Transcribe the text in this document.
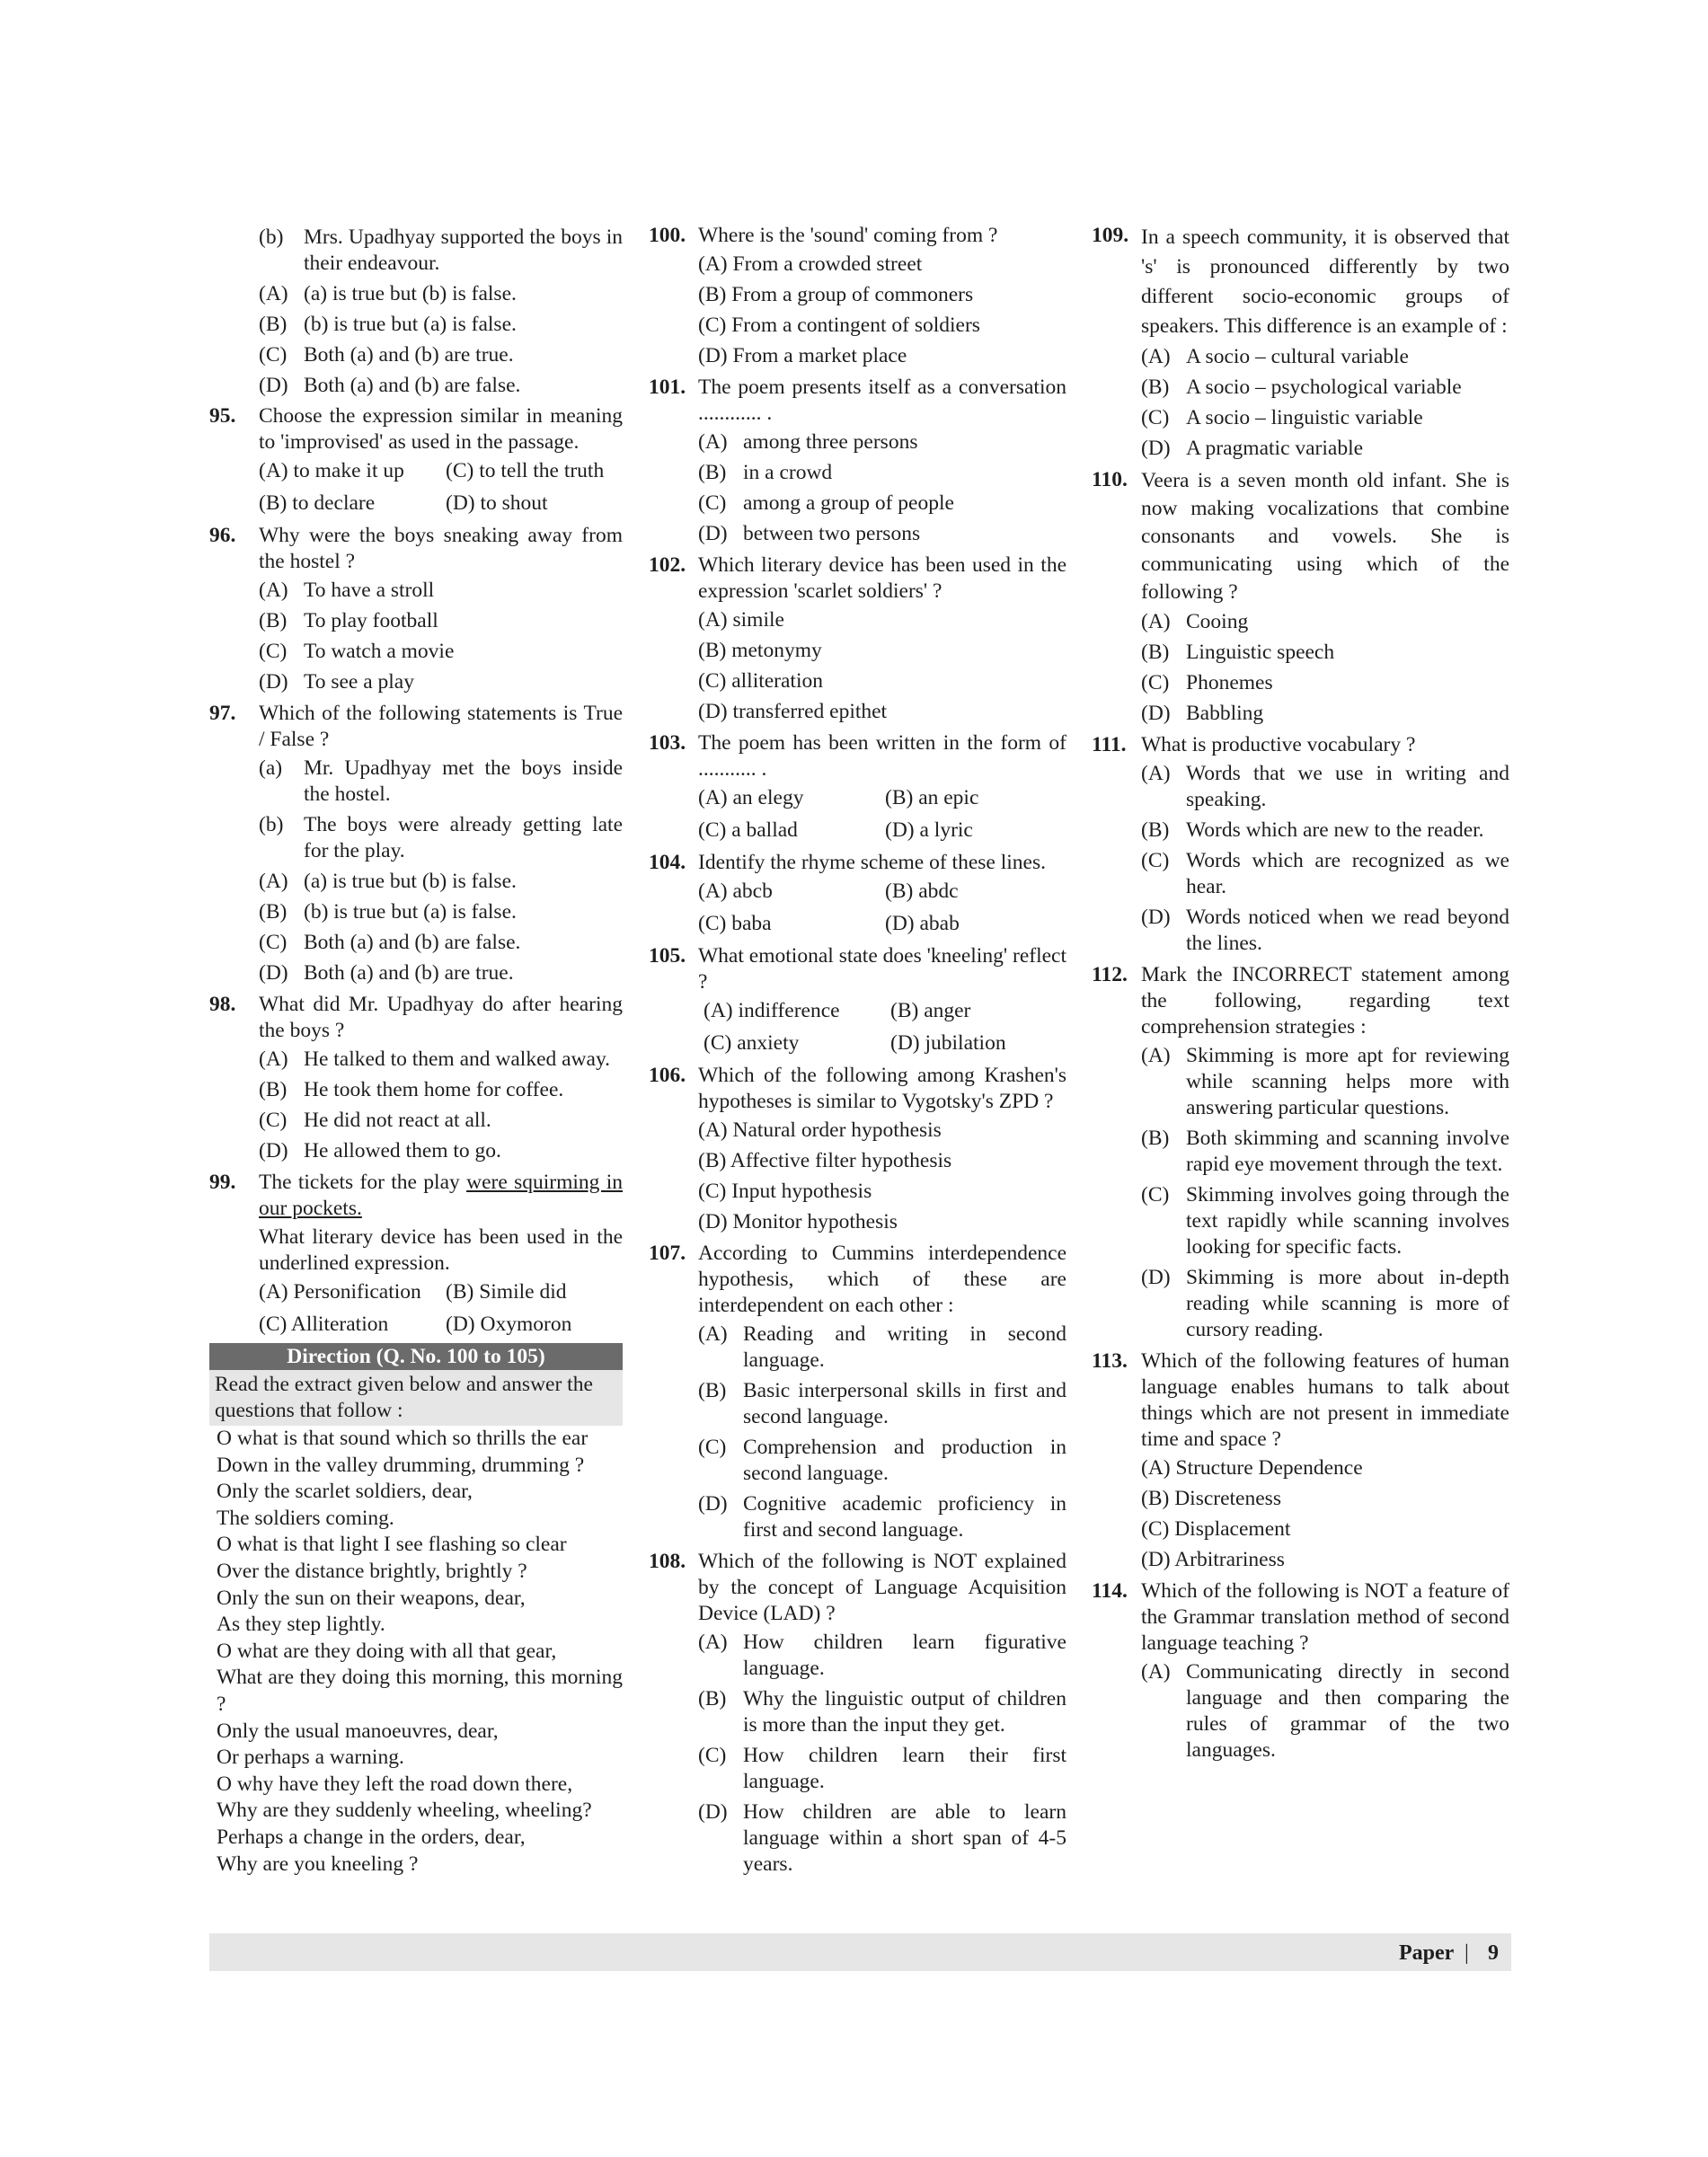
(b) Mrs. Upadhyay supported the boys in their endeavour.
(A) (a) is true but (b) is false.
(B) (b) is true but (a) is false.
(C) Both (a) and (b) are true.
(D) Both (a) and (b) are false.
95. Choose the expression similar in meaning to 'improvised' as used in the passage.
(A) to make it up	(C) to tell the truth
(B) to declare	(D) to shout
96. Why were the boys sneaking away from the hostel ?
(A) To have a stroll
(B) To play football
(C) To watch a movie
(D) To see a play
97. Which of the following statements is True / False ?
(a) Mr. Upadhyay met the boys inside the hostel.
(b) The boys were already getting late for the play.
(A) (a) is true but (b) is false.
(B) (b) is true but (a) is false.
(C) Both (a) and (b) are false.
(D) Both (a) and (b) are true.
98. What did Mr. Upadhyay do after hearing the boys ?
(A) He talked to them and walked away.
(B) He took them home for coffee.
(C) He did not react at all.
(D) He allowed them to go.
99. The tickets for the play were squirming in our pockets.
What literary device has been used in the underlined expression.
(A) Personification	(B) Simile did
(C) Alliteration	(D) Oxymoron
Direction (Q. No. 100 to 105)
Read the extract given below and answer the questions that follow :
O what is that sound which so thrills the ear
Down in the valley drumming, drumming ?
Only the scarlet soldiers, dear,
The soldiers coming.
O what is that light I see flashing so clear
Over the distance brightly, brightly ?
Only the sun on their weapons, dear,
As they step lightly.
O what are they doing with all that gear,
What are they doing this morning, this morning ?
Only the usual manoeuvres, dear,
Or perhaps a warning.
O why have they left the road down there,
Why are they suddenly wheeling, wheeling?
Perhaps a change in the orders, dear,
Why are you kneeling ?
100. Where is the 'sound' coming from ?
(A) From a crowded street
(B) From a group of commoners
(C) From a contingent of soldiers
(D) From a market place
101. The poem presents itself as a conversation ............ .
(A) among three persons
(B) in a crowd
(C) among a group of people
(D) between two persons
102. Which literary device has been used in the expression 'scarlet soldiers' ?
(A) simile
(B) metonymy
(C) alliteration
(D) transferred epithet
103. The poem has been written in the form of ........... .
(A) an elegy	(B) an epic
(C) a ballad	(D) a lyric
104. Identify the rhyme scheme of these lines.
(A) abcb	(B) abdc
(C) baba	(D) abab
105. What emotional state does 'kneeling' reflect ?
(A) indifference	(B) anger
(C) anxiety	(D) jubilation
106. Which of the following among Krashen's hypotheses is similar to Vygotsky's ZPD ?
(A) Natural order hypothesis
(B) Affective filter hypothesis
(C) Input hypothesis
(D) Monitor hypothesis
107. According to Cummins interdependence hypothesis, which of these are interdependent on each other :
(A) Reading and writing in second language.
(B) Basic interpersonal skills in first and second language.
(C) Comprehension and production in second language.
(D) Cognitive academic proficiency in first and second language.
108. Which of the following is NOT explained by the concept of Language Acquisition Device (LAD) ?
(A) How children learn figurative language.
(B) Why the linguistic output of children is more than the input they get.
(C) How children learn their first language.
(D) How children are able to learn language within a short span of 4-5 years.
109. In a speech community, it is observed that 's' is pronounced differently by two different socio-economic groups of speakers. This difference is an example of :
(A) A socio – cultural variable
(B) A socio – psychological variable
(C) A socio – linguistic variable
(D) A pragmatic variable
110. Veera is a seven month old infant. She is now making vocalizations that combine consonants and vowels. She is communicating using which of the following ?
(A) Cooing
(B) Linguistic speech
(C) Phonemes
(D) Babbling
111. What is productive vocabulary ?
(A) Words that we use in writing and speaking.
(B) Words which are new to the reader.
(C) Words which are recognized as we hear.
(D) Words noticed when we read beyond the lines.
112. Mark the INCORRECT statement among the following, regarding text comprehension strategies :
(A) Skimming is more apt for reviewing while scanning helps more with answering particular questions.
(B) Both skimming and scanning involve rapid eye movement through the text.
(C) Skimming involves going through the text rapidly while scanning involves looking for specific facts.
(D) Skimming is more about in-depth reading while scanning is more of cursory reading.
113. Which of the following features of human language enables humans to talk about things which are not present in immediate time and space ?
(A) Structure Dependence
(B) Discreteness
(C) Displacement
(D) Arbitrariness
114. Which of the following is NOT a feature of the Grammar translation method of second language teaching ?
(A) Communicating directly in second language and then comparing the rules of grammar of the two languages.
Paper | 9
